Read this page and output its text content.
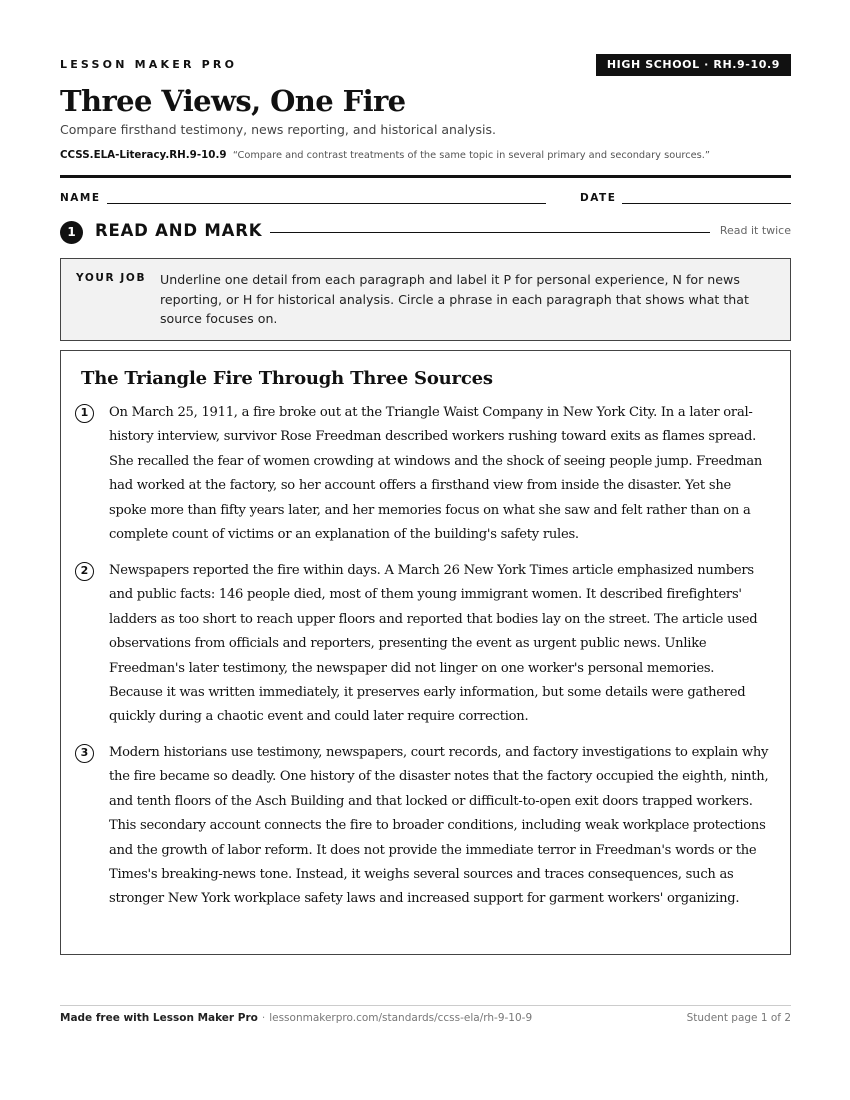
LESSON MAKER PRO	HIGH SCHOOL · RH.9-10.9
Three Views, One Fire
Compare firsthand testimony, news reporting, and historical analysis.
CCSS.ELA-Literacy.RH.9-10.9 “Compare and contrast treatments of the same topic in several primary and secondary sources.”
NAME	DATE
1	READ AND MARK	Read it twice
YOUR JOB Underline one detail from each paragraph and label it P for personal experience, N for news reporting, or H for historical analysis. Circle a phrase in each paragraph that shows what that source focuses on.
The Triangle Fire Through Three Sources
1	On March 25, 1911, a fire broke out at the Triangle Waist Company in New York City. In a later oral-history interview, survivor Rose Freedman described workers rushing toward exits as flames spread. She recalled the fear of women crowding at windows and the shock of seeing people jump. Freedman had worked at the factory, so her account offers a firsthand view from inside the disaster. Yet she spoke more than fifty years later, and her memories focus on what she saw and felt rather than on a complete count of victims or an explanation of the building's safety rules.

2	Newspapers reported the fire within days. A March 26 New York Times article emphasized numbers and public facts: 146 people died, most of them young immigrant women. It described firefighters' ladders as too short to reach upper floors and reported that bodies lay on the street. The article used observations from officials and reporters, presenting the event as urgent public news. Unlike Freedman's later testimony, the newspaper did not linger on one worker's personal memories. Because it was written immediately, it preserves early information, but some details were gathered quickly during a chaotic event and could later require correction.

3	Modern historians use testimony, newspapers, court records, and factory investigations to explain why the fire became so deadly. One history of the disaster notes that the factory occupied the eighth, ninth, and tenth floors of the Asch Building and that locked or difficult-to-open exit doors trapped workers. This secondary account connects the fire to broader conditions, including weak workplace protections and the growth of labor reform. It does not provide the immediate terror in Freedman's words or the Times's breaking-news tone. Instead, it weighs several sources and traces consequences, such as stronger New York workplace safety laws and increased support for garment workers' organizing.

Made free with Lesson Maker Pro · lessonmakerpro.com/standards/ccss-ela/rh-9-10-9	Student page 1 of 2
